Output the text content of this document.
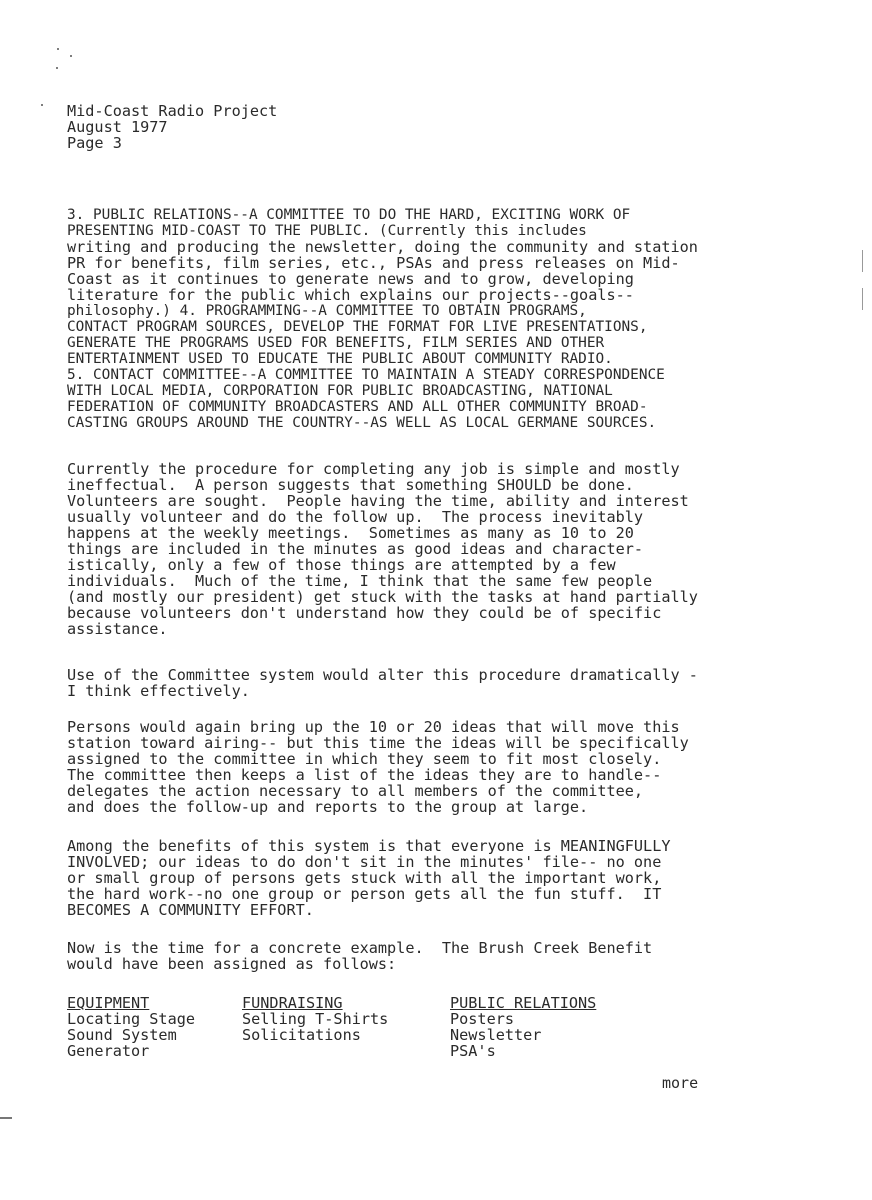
Mid-Coast Radio Project
August 1977
Page 3
3. PUBLIC RELATIONS--A COMMITTEE TO DO THE HARD, EXCITING WORK OF
PRESENTING MID-COAST TO THE PUBLIC. (Currently this includes
writing and producing the newsletter, doing the community and station
PR for benefits, film series, etc., PSAs and press releases on Mid-
Coast as it continues to generate news and to grow, developing
literature for the public which explains our projects--goals--
philosophy.) 4. PROGRAMMING--A COMMITTEE TO OBTAIN PROGRAMS,
CONTACT PROGRAM SOURCES, DEVELOP THE FORMAT FOR LIVE PRESENTATIONS,
GENERATE THE PROGRAMS USED FOR BENEFITS, FILM SERIES AND OTHER
ENTERTAINMENT USED TO EDUCATE THE PUBLIC ABOUT COMMUNITY RADIO.
5. CONTACT COMMITTEE--A COMMITTEE TO MAINTAIN A STEADY CORRESPONDENCE
WITH LOCAL MEDIA, CORPORATION FOR PUBLIC BROADCASTING, NATIONAL
FEDERATION OF COMMUNITY BROADCASTERS AND ALL OTHER COMMUNITY BROAD-
CASTING GROUPS AROUND THE COUNTRY--AS WELL AS LOCAL GERMANE SOURCES.
Currently the procedure for completing any job is simple and mostly
ineffectual.  A person suggests that something SHOULD be done.
Volunteers are sought.  People having the time, ability and interest
usually volunteer and do the follow up.  The process inevitably
happens at the weekly meetings.  Sometimes as many as 10 to 20
things are included in the minutes as good ideas and character-
istically, only a few of those things are attempted by a few
individuals.  Much of the time, I think that the same few people
(and mostly our president) get stuck with the tasks at hand partially
because volunteers don't understand how they could be of specific
assistance.
Use of the Committee system would alter this procedure dramatically -
I think effectively.
Persons would again bring up the 10 or 20 ideas that will move this
station toward airing-- but this time the ideas will be specifically
assigned to the committee in which they seem to fit most closely.
The committee then keeps a list of the ideas they are to handle--
delegates the action necessary to all members of the committee,
and does the follow-up and reports to the group at large.
Among the benefits of this system is that everyone is MEANINGFULLY
INVOLVED; our ideas to do don't sit in the minutes' file-- no one
or small group of persons gets stuck with all the important work,
the hard work--no one group or person gets all the fun stuff.  IT
BECOMES A COMMUNITY EFFORT.
Now is the time for a concrete example.  The Brush Creek Benefit
would have been assigned as follows:
EQUIPMENT
Locating Stage
Sound System
Generator
FUNDRAISING
Selling T-Shirts
Solicitations
PUBLIC RELATIONS
Posters
Newsletter
PSA's
more
